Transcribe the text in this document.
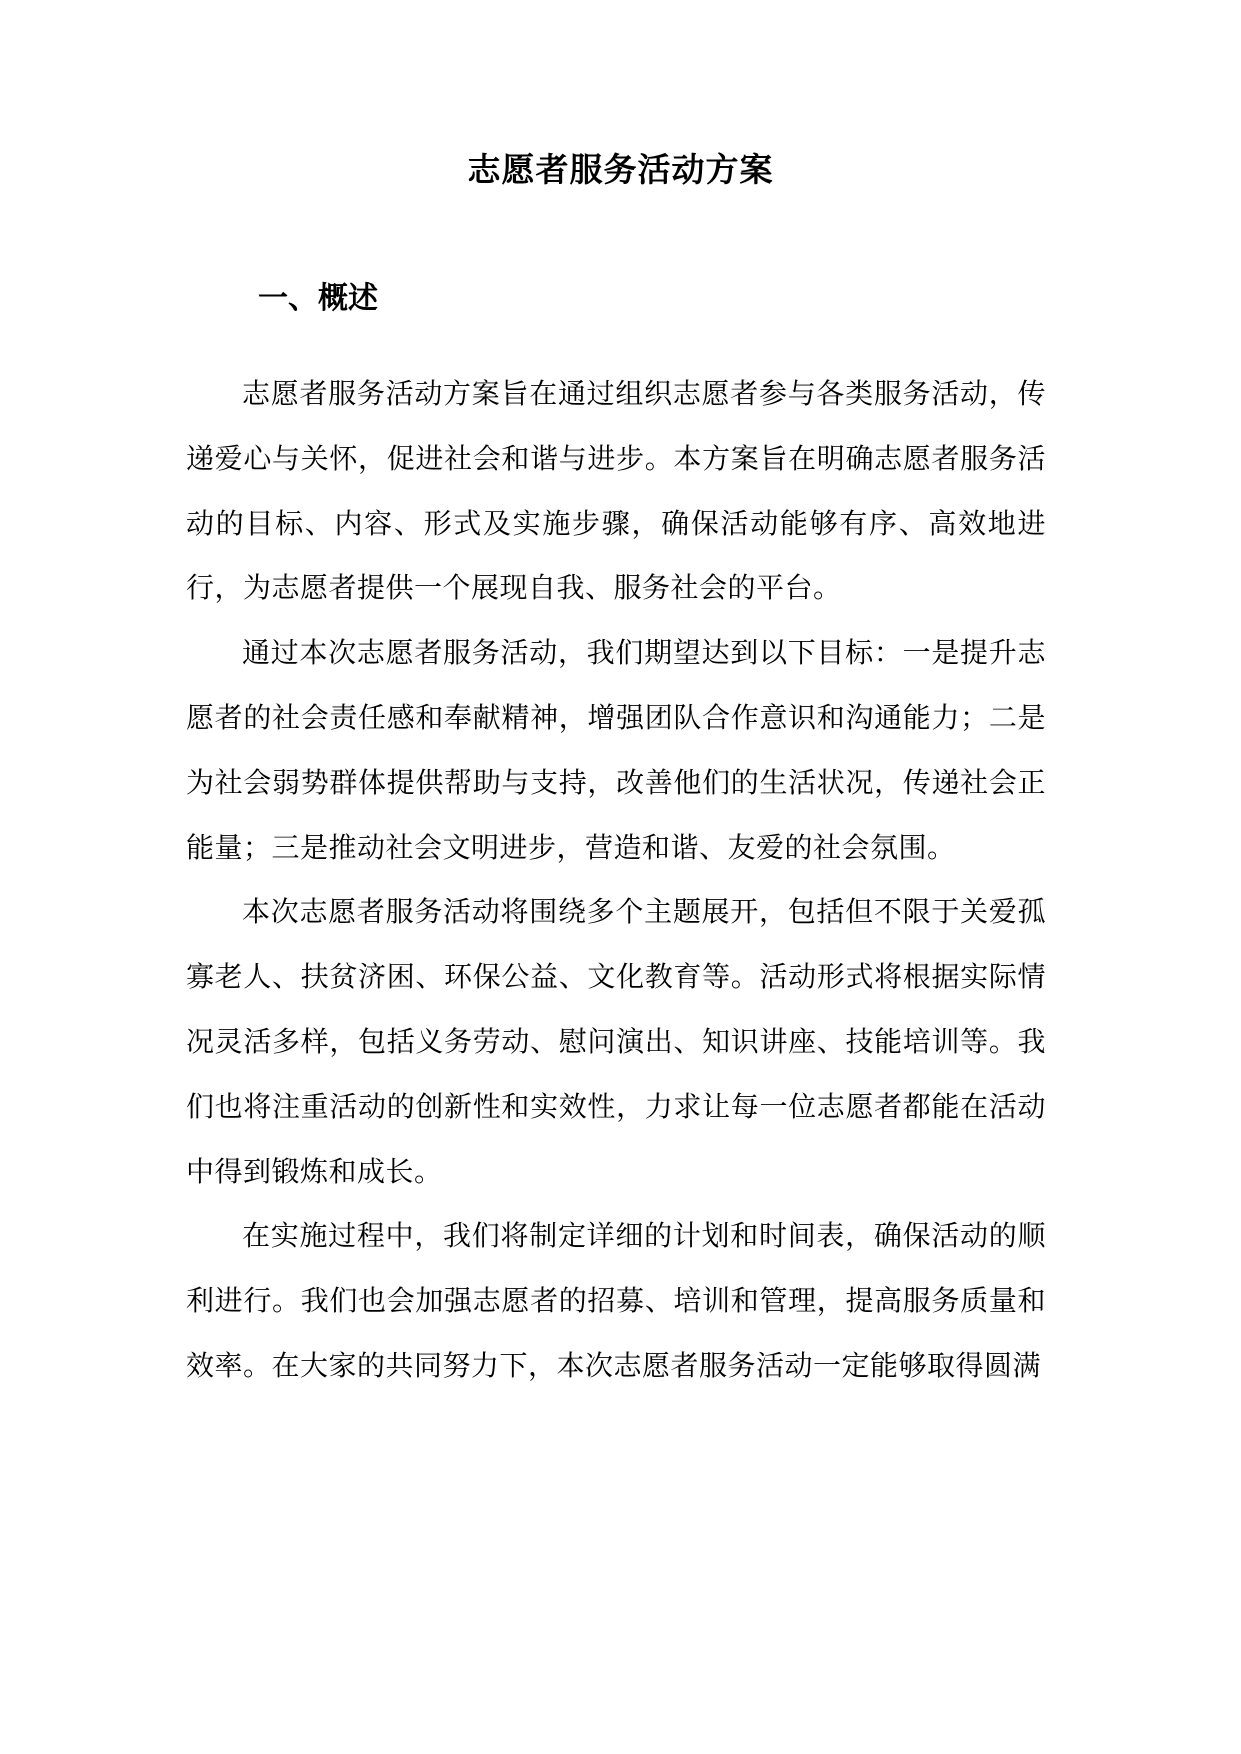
志愿者服务活动方案
一、概述

志愿者服务活动方案旨在通过组织志愿者参与各类服务活动，传递爱心与关怀，促进社会和谐与进步。本方案旨在明确志愿者服务活动的目标、内容、形式及实施步骤，确保活动能够有序、高效地进行，为志愿者提供一个展现自我、服务社会的平台。

通过本次志愿者服务活动，我们期望达到以下目标：一是提升志愿者的社会责任感和奉献精神，增强团队合作意识和沟通能力；二是为社会弱势群体提供帮助与支持，改善他们的生活状况，传递社会正能量；三是推动社会文明进步，营造和谐、友爱的社会氛围。

本次志愿者服务活动将围绕多个主题展开，包括但不限于关爱孤寡老人、扶贫济困、环保公益、文化教育等。活动形式将根据实际情况灵活多样，包括义务劳动、慰问演出、知识讲座、技能培训等。我们也将注重活动的创新性和实效性，力求让每一位志愿者都能在活动中得到锻炼和成长。

在实施过程中，我们将制定详细的计划和时间表，确保活动的顺利进行。我们也会加强志愿者的招募、培训和管理，提高服务质量和效率。在大家的共同努力下，本次志愿者服务活动一定能够取得圆满
